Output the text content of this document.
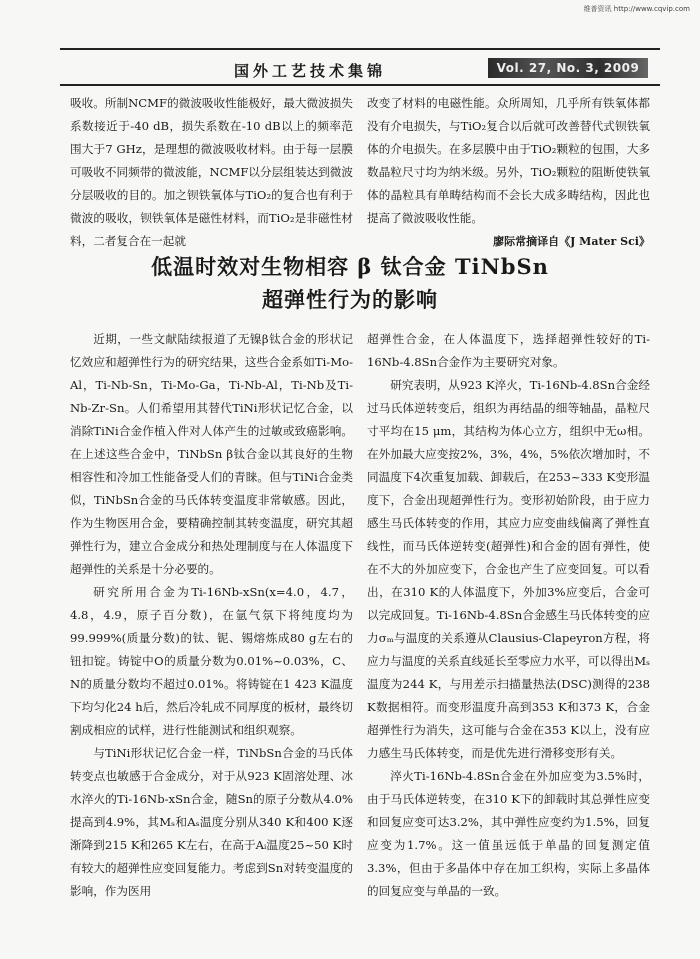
维普资讯 http://www.cqvip.com
国外工艺技术集锦	Vol. 27, No. 3, 2009

吸收。所制NCMF的微波吸收性能极好，最大微波损失系数接近于-40 dB，损失系数在-10 dB以上的频率范围大于7 GHz，是理想的微波吸收材料。由于每一层膜可吸收不同频带的微波能，NCMF以分层组装达到微波分层吸收的目的。加之钡铁氧体与TiO₂的复合也有利于微波的吸收，钡铁氧体是磁性材料，而TiO₂是非磁性材料，二者复合在一起就

改变了材料的电磁性能。众所周知，几乎所有铁氧体都没有介电损失，与TiO₂复合以后就可改善替代式钡铁氧体的介电损失。在多层膜中由于TiO₂颗粒的包围，大多数晶粒尺寸均为纳米级。另外，TiO₂颗粒的阻断使铁氧体的晶粒具有单畴结构而不会长大成多畴结构，因此也提高了微波吸收性能。

廖际常摘译自《J Mater Sci》

低温时效对生物相容 β 钛合金 TiNbSn
超弹性行为的影响

近期，一些文献陆续报道了无镍β钛合金的形状记忆效应和超弹性行为的研究结果，这些合金系如Ti-Mo-Al，Ti-Nb-Sn，Ti-Mo-Ga，Ti-Nb-Al，Ti-Nb及Ti-Nb-Zr-Sn。人们希望用其替代TiNi形状记忆合金，以消除TiNi合金作植入件对人体产生的过敏或致癌影响。在上述这些合金中，TiNbSn β钛合金以其良好的生物相容性和冷加工性能备受人们的青睐。但与TiNi合金类似，TiNbSn合金的马氏体转变温度非常敏感。因此，作为生物医用合金，要精确控制其转变温度，研究其超弹性行为，建立合金成分和热处理制度与在人体温度下超弹性的关系是十分必要的。

研究所用合金为Ti-16Nb-xSn(x=4.0，4.7，4.8，4.9，原子百分数)，在氩气氛下将纯度均为99.999%(质量分数)的钛、铌、锡熔炼成80 g左右的钮扣锭。铸锭中O的质量分数为0.01%~0.03%，C、N的质量分数均不超过0.01%。将铸锭在1 423 K温度下均匀化24 h后，然后冷轧成不同厚度的板材，最终切割成相应的试样，进行性能测试和组织观察。

与TiNi形状记忆合金一样，TiNbSn合金的马氏体转变点也敏感于合金成分，对于从923 K固溶处理、冰水淬火的Ti-16Nb-xSn合金，随Sn的原子分数从4.0%提高到4.9%，其Mₛ和Aₛ温度分别从340 K和400 K逐渐降到215 K和265 K左右，在高于Aᵢ温度25~50 K时有较大的超弹性应变回复能力。考虑到Sn对转变温度的影响，作为医用

超弹性合金，在人体温度下，选择超弹性较好的Ti-16Nb-4.8Sn合金作为主要研究对象。

研究表明，从923 K淬火，Ti-16Nb-4.8Sn合金经过马氏体逆转变后，组织为再结晶的细等轴晶，晶粒尺寸平均在15 μm，其结构为体心立方，组织中无ω相。在外加最大应变按2%，3%，4%，5%依次增加时，不同温度下4次重复加载、卸载后，在253~333 K变形温度下，合金出现超弹性行为。变形初始阶段，由于应力感生马氏体转变的作用，其应力应变曲线偏离了弹性直线性，而马氏体逆转变(超弹性)和合金的固有弹性，使在不大的外加应变下，合金也产生了应变回复。可以看出，在310 K的人体温度下，外加3%应变后，合金可以完成回复。Ti-16Nb-4.8Sn合金感生马氏体转变的应力σₘ与温度的关系遵从Clausius-Clapeyron方程，将应力与温度的关系直线延长至零应力水平，可以得出Mₛ温度为244 K，与用差示扫描量热法(DSC)测得的238 K数据相符。而变形温度升高到353 K和373 K，合金超弹性行为消失，这可能与合金在353 K以上，没有应力感生马氏体转变，而是优先进行滑移变形有关。

淬火Ti-16Nb-4.8Sn合金在外加应变为3.5%时，由于马氏体逆转变，在310 K下的卸载时其总弹性应变和回复应变可达3.2%，其中弹性应变约为1.5%，回复应变为1.7%。这一值虽远低于单晶的回复测定值3.3%，但由于多晶体中存在加工织构，实际上多晶体的回复应变与单晶的一致。
